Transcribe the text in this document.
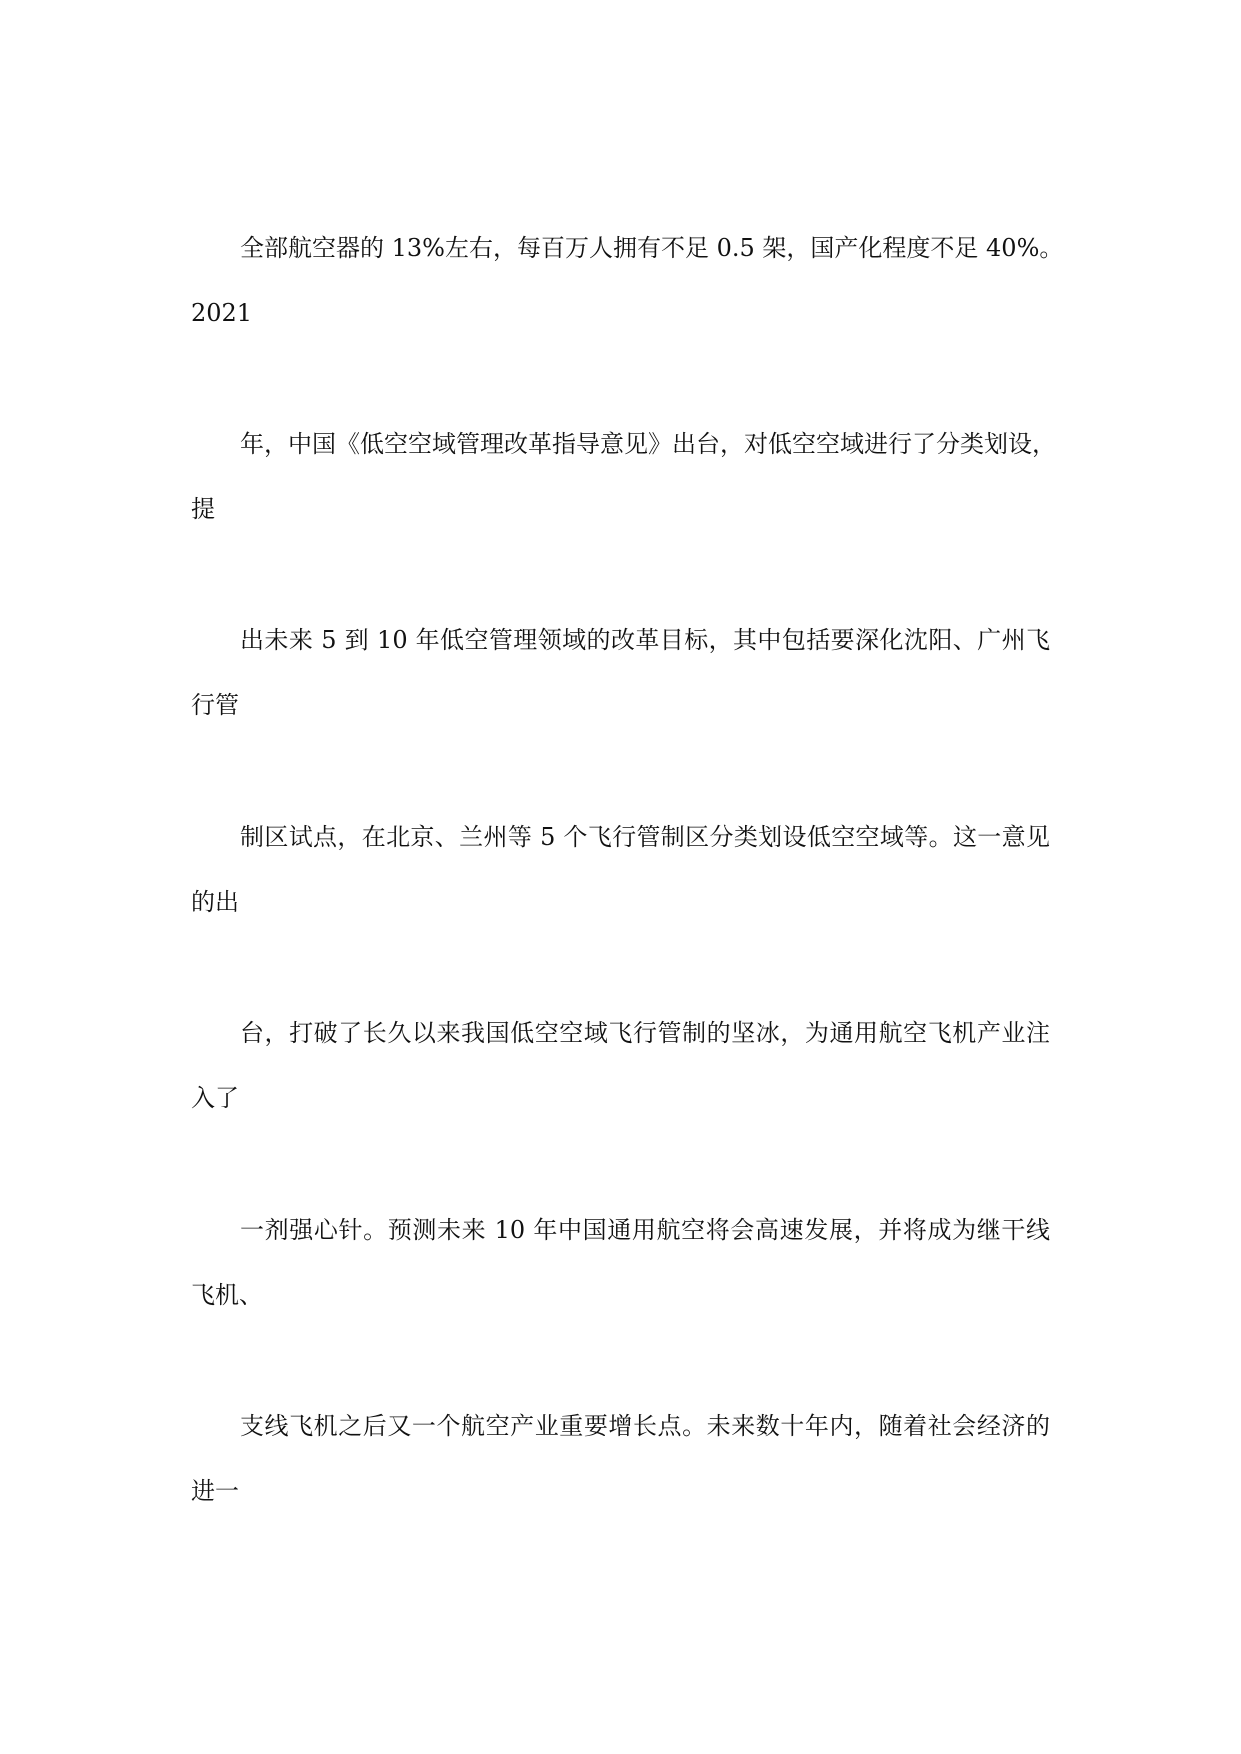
全部航空器的 13%左右，每百万人拥有不足 0.5 架，国产化程度不足 40%。
2021
年，中国《低空空域管理改革指导意见》出台，对低空空域进行了分类划设，
提
出未来 5 到 10 年低空管理领域的改革目标，其中包括要深化沈阳、广州飞
行管
制区试点，在北京、兰州等 5 个飞行管制区分类划设低空空域等。这一意见
的出
台，打破了长久以来我国低空空域飞行管制的坚冰，为通用航空飞机产业注
入了
一剂强心针。预测未来 10 年中国通用航空将会高速发展，并将成为继干线
飞机、
支线飞机之后又一个航空产业重要增长点。未来数十年内，随着社会经济的
进一
